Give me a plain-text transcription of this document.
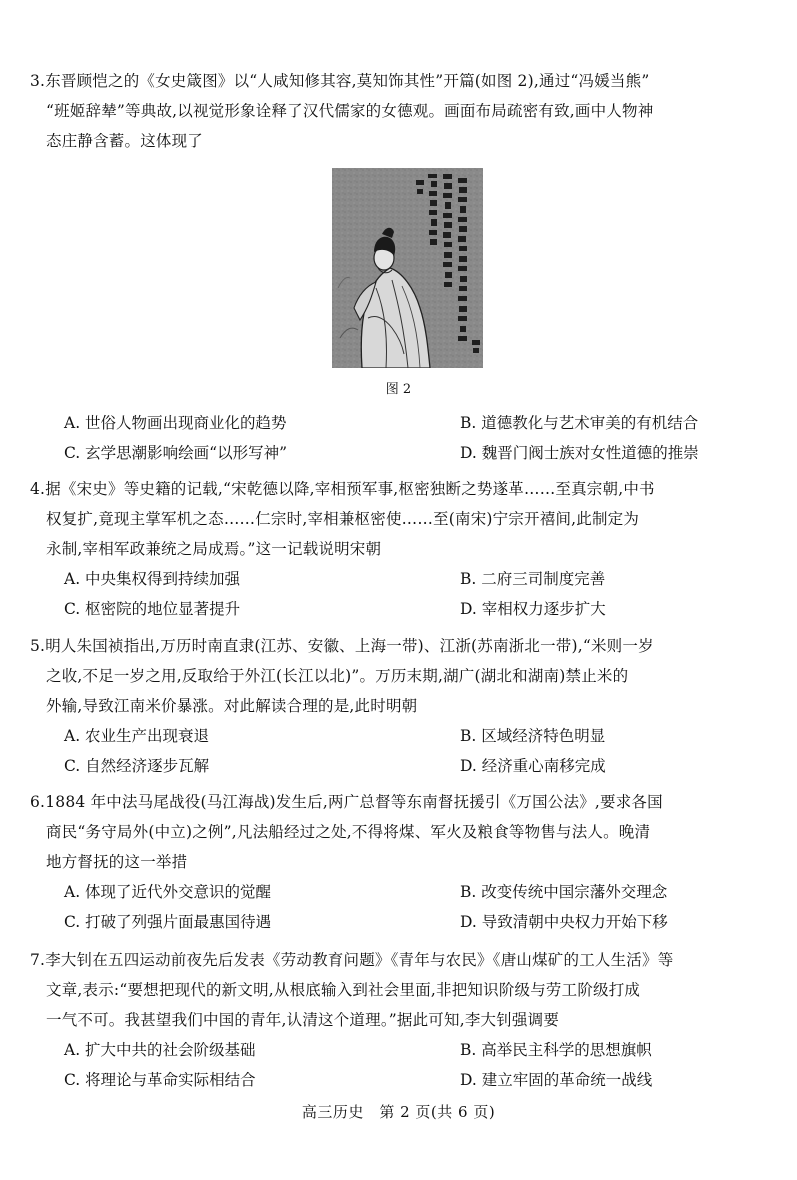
3.东晋顾恺之的《女史箴图》以“人咸知修其容,莫知饰其性”开篇(如图 2),通过“冯媛当熊”
“班姬辞辇”等典故,以视觉形象诠释了汉代儒家的女德观。画面布局疏密有致,画中人物神
态庄静含蓄。这体现了
图 2
A. 世俗人物画出现商业化的趋势	B. 道德教化与艺术审美的有机结合
C. 玄学思潮影响绘画“以形写神”	D. 魏晋门阀士族对女性道德的推崇
4.据《宋史》等史籍的记载,“宋乾德以降,宰相预军事,枢密独断之势遂革……至真宗朝,中书
权复扩,竟现主掌军机之态……仁宗时,宰相兼枢密使……至(南宋)宁宗开禧间,此制定为
永制,宰相军政兼统之局成焉。”这一记载说明宋朝
A. 中央集权得到持续加强	B. 二府三司制度完善
C. 枢密院的地位显著提升	D. 宰相权力逐步扩大
5.明人朱国祯指出,万历时南直隶(江苏、安徽、上海一带)、江浙(苏南浙北一带),“米则一岁
之收,不足一岁之用,反取给于外江(长江以北)”。万历末期,湖广(湖北和湖南)禁止米的
外输,导致江南米价暴涨。对此解读合理的是,此时明朝
A. 农业生产出现衰退	B. 区域经济特色明显
C. 自然经济逐步瓦解	D. 经济重心南移完成
6.1884 年中法马尾战役(马江海战)发生后,两广总督等东南督抚援引《万国公法》,要求各国
商民“务守局外(中立)之例”,凡法船经过之处,不得将煤、军火及粮食等物售与法人。晚清
地方督抚的这一举措
A. 体现了近代外交意识的觉醒	B. 改变传统中国宗藩外交理念
C. 打破了列强片面最惠国待遇	D. 导致清朝中央权力开始下移
7.李大钊在五四运动前夜先后发表《劳动教育问题》《青年与农民》《唐山煤矿的工人生活》等
文章,表示:“要想把现代的新文明,从根底输入到社会里面,非把知识阶级与劳工阶级打成
一气不可。我甚望我们中国的青年,认清这个道理。”据此可知,李大钊强调要
A. 扩大中共的社会阶级基础	B. 高举民主科学的思想旗帜
C. 将理论与革命实际相结合	D. 建立牢固的革命统一战线
高三历史　第 2 页(共 6 页)
